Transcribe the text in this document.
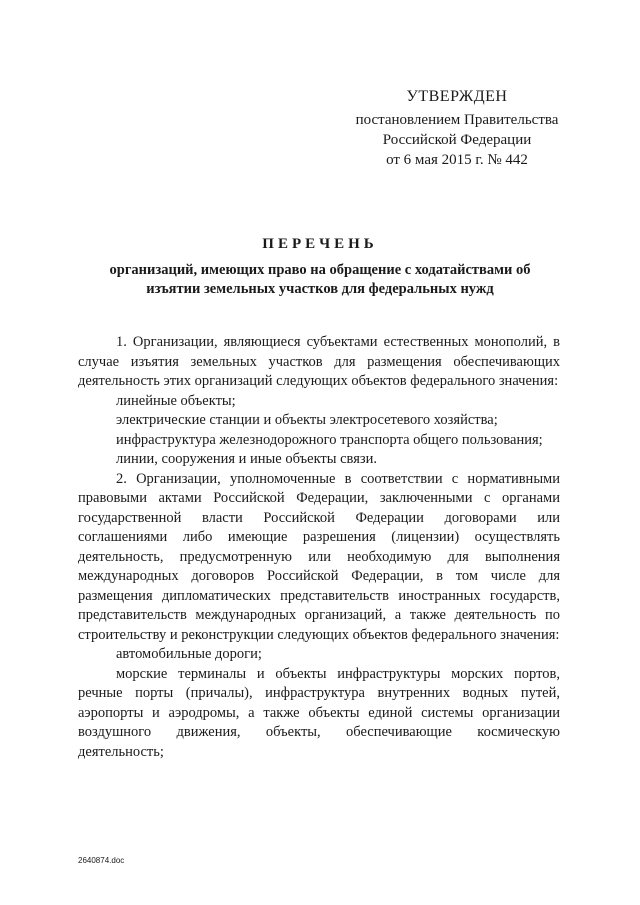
УТВЕРЖДЕН
постановлением Правительства
Российской Федерации
от 6 мая 2015 г. № 442
ПЕРЕЧЕНЬ
организаций, имеющих право на обращение с ходатайствами об изъятии земельных участков для федеральных нужд

1. Организации, являющиеся субъектами естественных монополий, в случае изъятия земельных участков для размещения обеспечивающих деятельность этих организаций следующих объектов федерального значения:

линейные объекты;

электрические станции и объекты электросетевого хозяйства;

инфраструктура железнодорожного транспорта общего пользования;

линии, сооружения и иные объекты связи.

2. Организации, уполномоченные в соответствии с нормативными правовыми актами Российской Федерации, заключенными с органами государственной власти Российской Федерации договорами или соглашениями либо имеющие разрешения (лицензии) осуществлять деятельность, предусмотренную или необходимую для выполнения международных договоров Российской Федерации, в том числе для размещения дипломатических представительств иностранных государств, представительств международных организаций, а также деятельность по строительству и реконструкции следующих объектов федерального значения:

автомобильные дороги;

морские терминалы и объекты инфраструктуры морских портов, речные порты (причалы), инфраструктура внутренних водных путей, аэропорты и аэродромы, а также объекты единой системы организации воздушного движения, объекты, обеспечивающие космическую деятельность;

2640874.doc
